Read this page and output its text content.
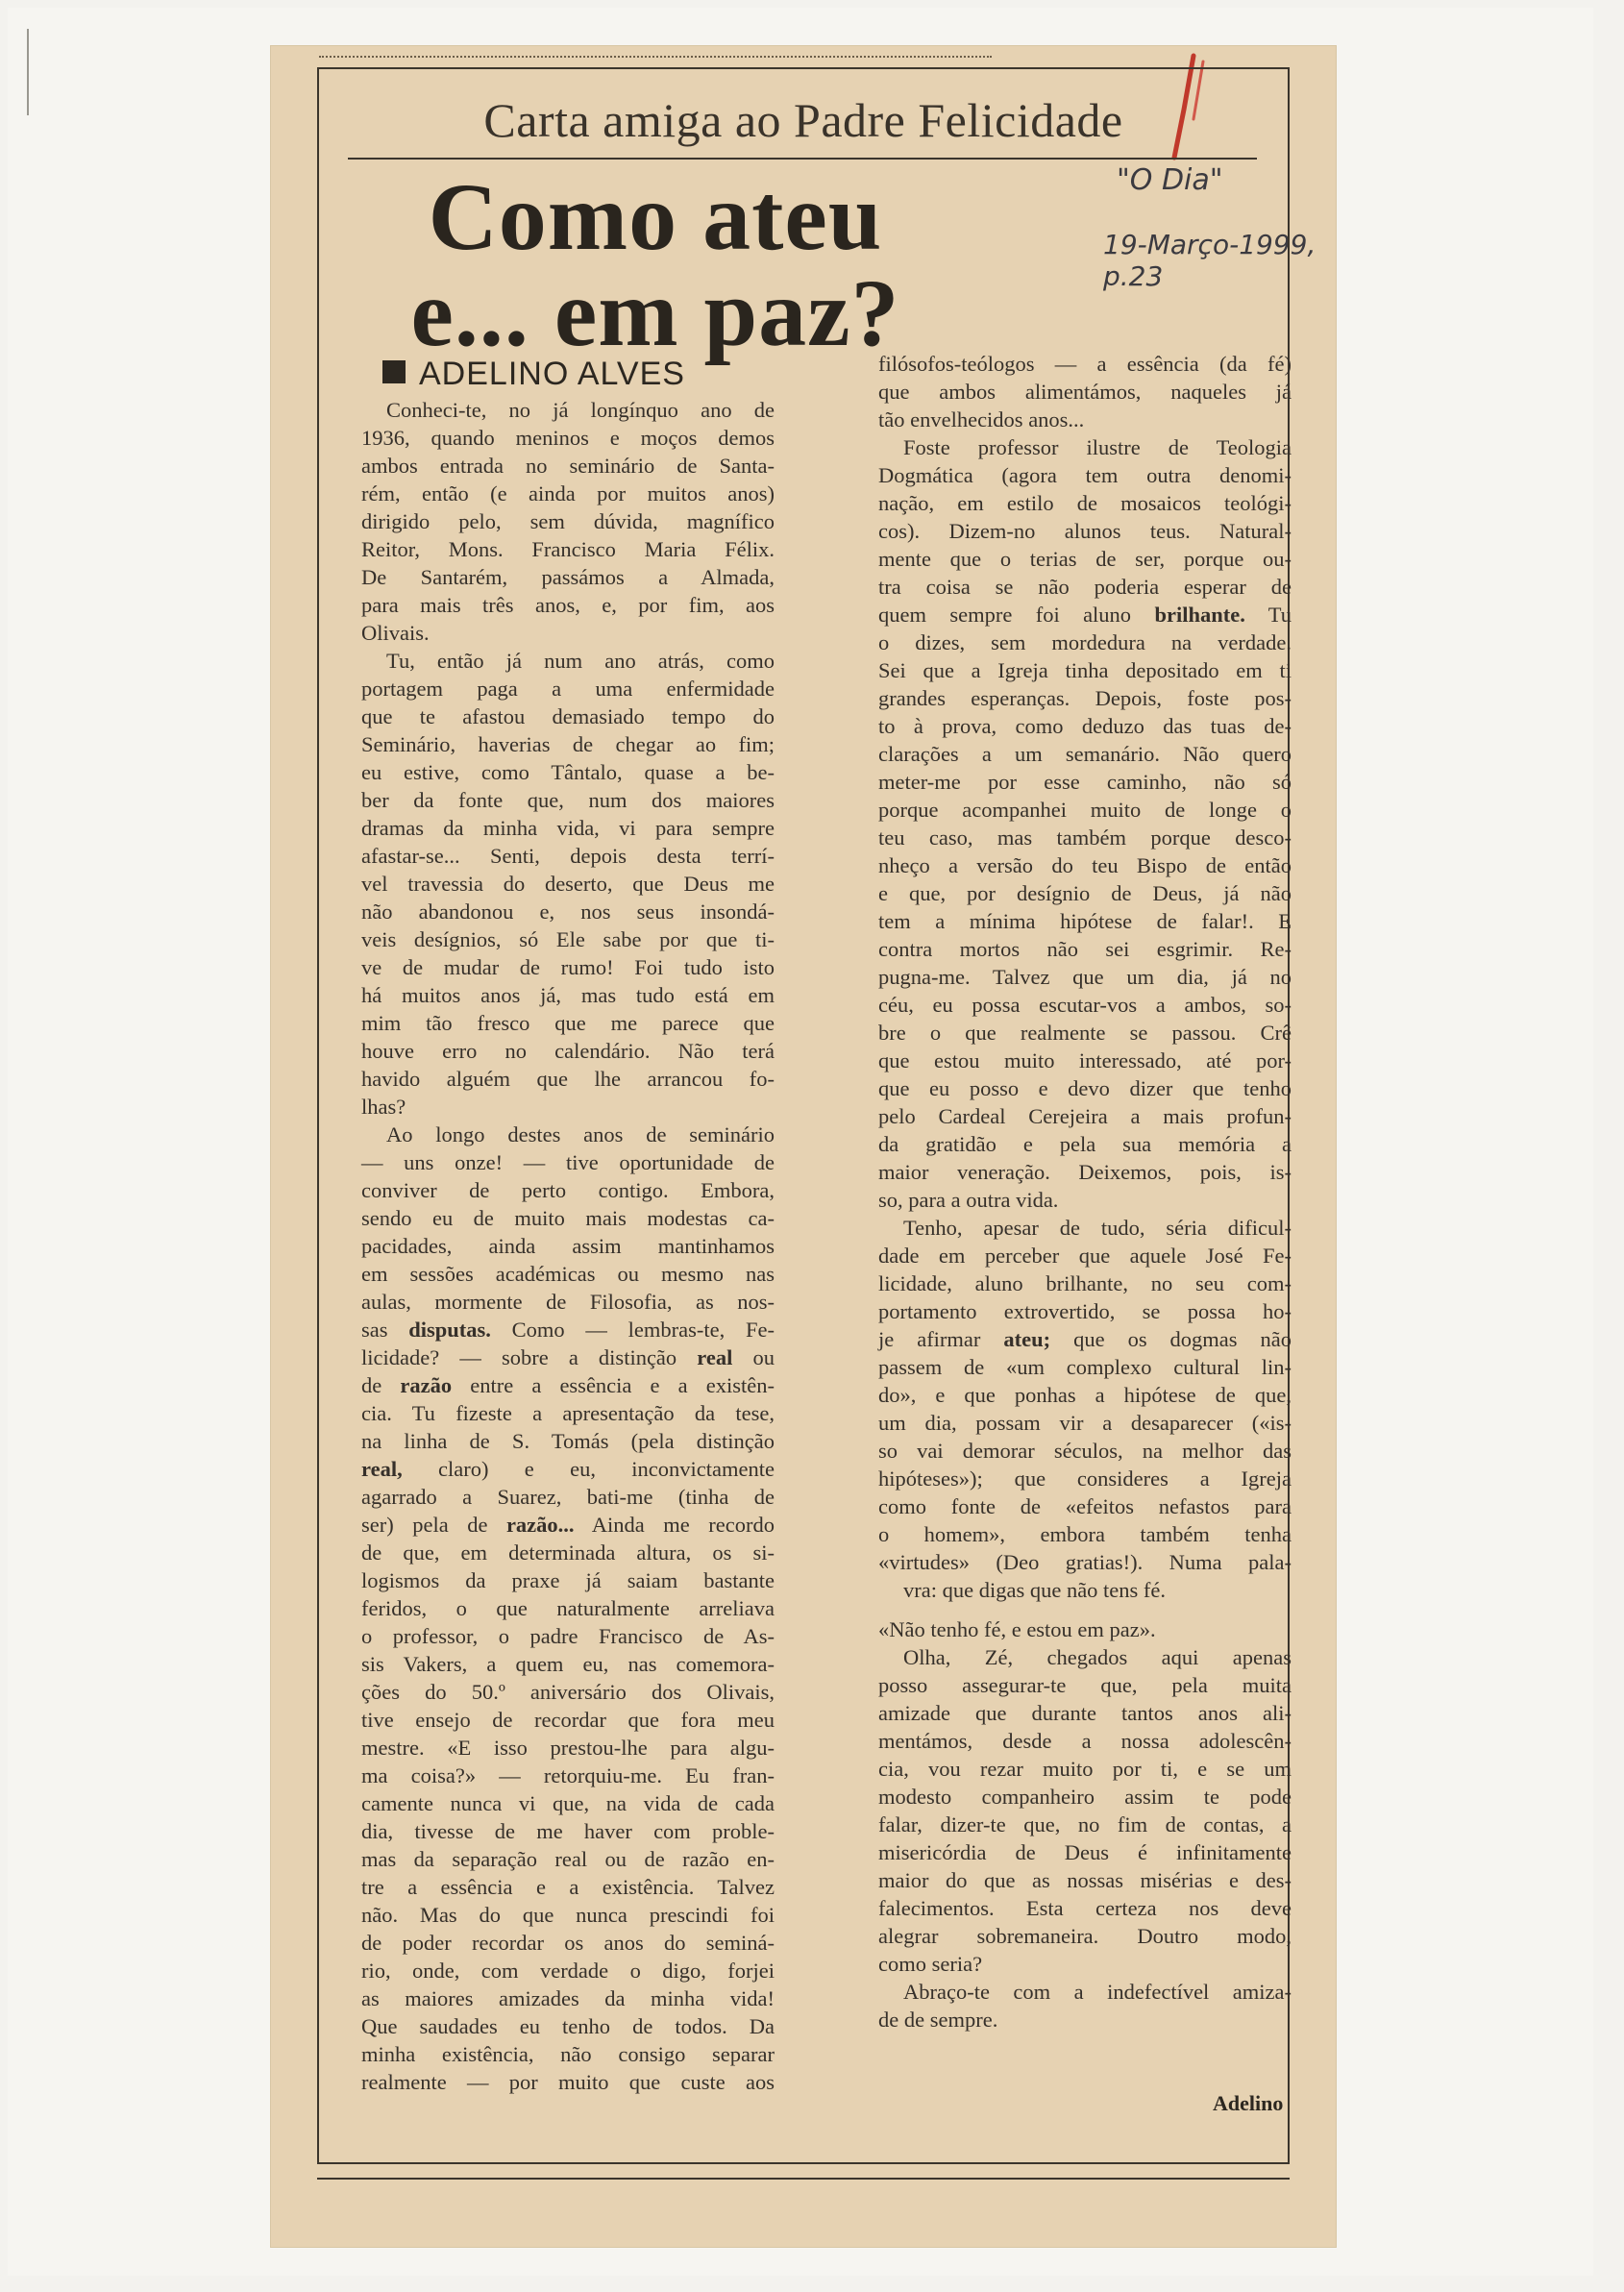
"O Dia"
19-Março-1999, p.23
Carta amiga ao Padre Felicidade
Como ateu
e... em paz?
ADELINO ALVES
Conheci-te, no já longínquo ano de
1936, quando meninos e moços demos
ambos entrada no seminário de Santa-
rém, então (e ainda por muitos anos)
dirigido pelo, sem dúvida, magnífico
Reitor, Mons. Francisco Maria Félix.
De Santarém, passámos a Almada,
para mais três anos, e, por fim, aos
Olivais.
Tu, então já num ano atrás, como
portagem paga a uma enfermidade
que te afastou demasiado tempo do
Seminário, haverias de chegar ao fim;
eu estive, como Tântalo, quase a be-
ber da fonte que, num dos maiores
dramas da minha vida, vi para sempre
afastar-se... Senti, depois desta terrí-
vel travessia do deserto, que Deus me
não abandonou e, nos seus insondá-
veis desígnios, só Ele sabe por que ti-
ve de mudar de rumo! Foi tudo isto
há muitos anos já, mas tudo está em
mim tão fresco que me parece que
houve erro no calendário. Não terá
havido alguém que lhe arrancou fo-
lhas?
Ao longo destes anos de seminário
— uns onze! — tive oportunidade de
conviver de perto contigo. Embora,
sendo eu de muito mais modestas ca-
pacidades, ainda assim mantinhamos
em sessões académicas ou mesmo nas
aulas, mormente de Filosofia, as nos-
sas disputas. Como — lembras-te, Fe-
licidade? — sobre a distinção real ou
de razão entre a essência e a existên-
cia. Tu fizeste a apresentação da tese,
na linha de S. Tomás (pela distinção
real, claro) e eu, inconvictamente
agarrado a Suarez, bati-me (tinha de
ser) pela de razão... Ainda me recordo
de que, em determinada altura, os si-
logismos da praxe já saiam bastante
feridos, o que naturalmente arreliava
o professor, o padre Francisco de As-
sis Vakers, a quem eu, nas comemora-
ções do 50.º aniversário dos Olivais,
tive ensejo de recordar que fora meu
mestre. «E isso prestou-lhe para algu-
ma coisa?» — retorquiu-me. Eu fran-
camente nunca vi que, na vida de cada
dia, tivesse de me haver com proble-
mas da separação real ou de razão en-
tre a essência e a existência. Talvez
não. Mas do que nunca prescindi foi
de poder recordar os anos do seminá-
rio, onde, com verdade o digo, forjei
as maiores amizades da minha vida!
Que saudades eu tenho de todos. Da
minha existência, não consigo separar
realmente — por muito que custe aos
filósofos-teólogos — a essência (da fé)
que ambos alimentámos, naqueles já
tão envelhecidos anos...
Foste professor ilustre de Teologia
Dogmática (agora tem outra denomi-
nação, em estilo de mosaicos teológi-
cos). Dizem-no alunos teus. Natural-
mente que o terias de ser, porque ou-
tra coisa se não poderia esperar de
quem sempre foi aluno brilhante. Tu
o dizes, sem mordedura na verdade.
Sei que a Igreja tinha depositado em ti
grandes esperanças. Depois, foste pos-
to à prova, como deduzo das tuas de-
clarações a um semanário. Não quero
meter-me por esse caminho, não só
porque acompanhei muito de longe o
teu caso, mas também porque desco-
nheço a versão do teu Bispo de então
e que, por desígnio de Deus, já não
tem a mínima hipótese de falar!. E
contra mortos não sei esgrimir. Re-
pugna-me. Talvez que um dia, já no
céu, eu possa escutar-vos a ambos, so-
bre o que realmente se passou. Crê
que estou muito interessado, até por-
que eu posso e devo dizer que tenho
pelo Cardeal Cerejeira a mais profun-
da gratidão e pela sua memória a
maior veneração. Deixemos, pois, is-
so, para a outra vida.
Tenho, apesar de tudo, séria dificul-
dade em perceber que aquele José Fe-
licidade, aluno brilhante, no seu com-
portamento extrovertido, se possa ho-
je afirmar ateu; que os dogmas não
passem de «um complexo cultural lin-
do», e que ponhas a hipótese de que,
um dia, possam vir a desaparecer («is-
so vai demorar séculos, na melhor das
hipóteses»); que consideres a Igreja
como fonte de «efeitos nefastos para
o homem», embora também tenha
«virtudes» (Deo gratias!). Numa pala-
vra: que digas que não tens fé.
«Não tenho fé, e estou em paz».
Olha, Zé, chegados aqui apenas
posso assegurar-te que, pela muita
amizade que durante tantos anos ali-
mentámos, desde a nossa adolescên-
cia, vou rezar muito por ti, e se um
modesto companheiro assim te pode
falar, dizer-te que, no fim de contas, a
misericórdia de Deus é infinitamente
maior do que as nossas misérias e des-
falecimentos. Esta certeza nos deve
alegrar sobremaneira. Doutro modo,
como seria?
Abraço-te com a indefectível amiza-
de de sempre.
Adelino
